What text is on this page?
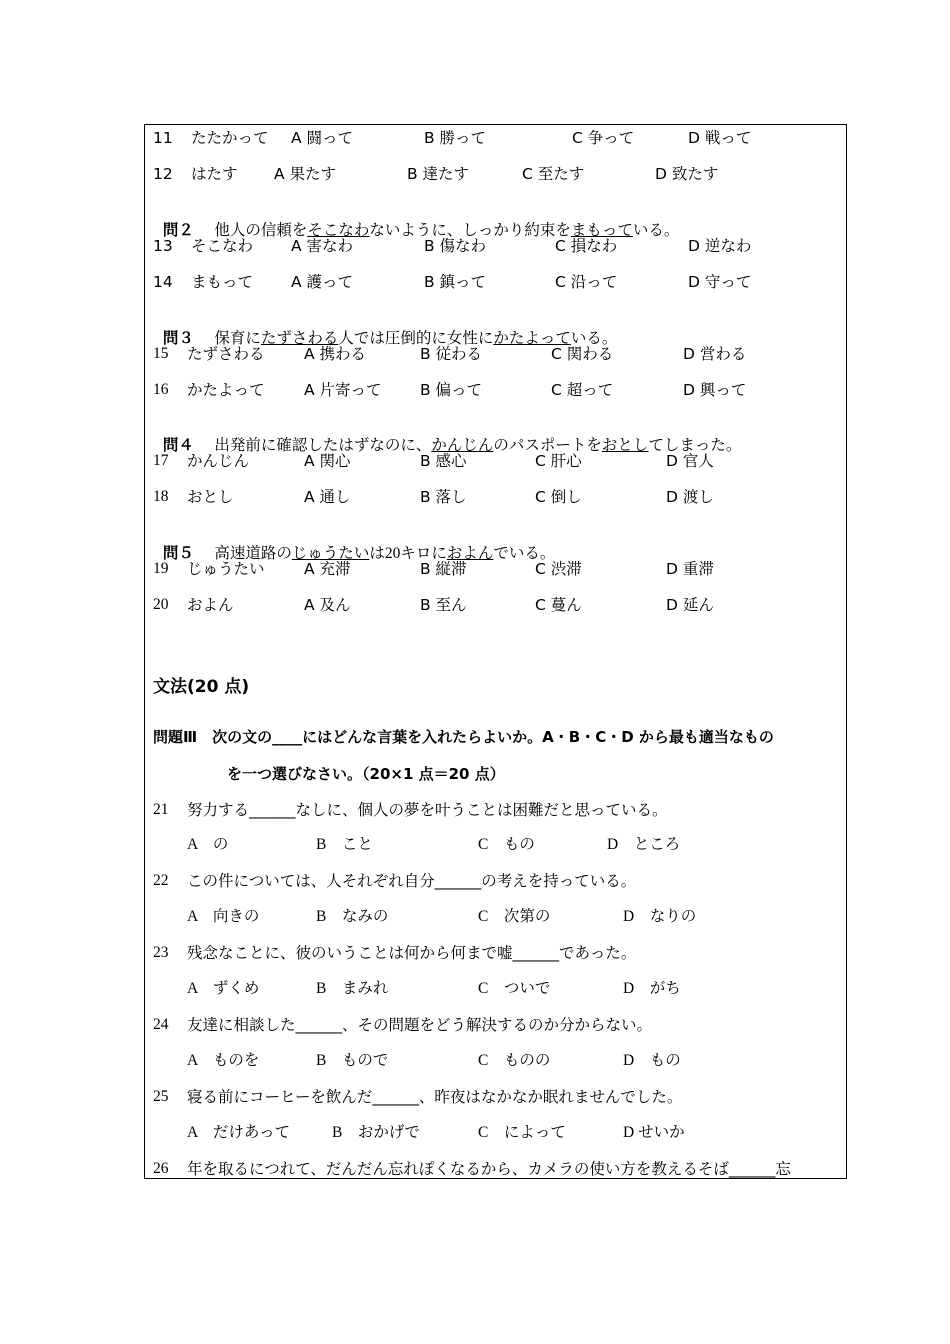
11 たたかって A 闘って	B 勝って	C 争って	D 戦って
12 はたす A 果たす	B 達たす	C 至たす	D 致たす

問２　 他人の信頼をそこなわないように、しっかり約束をまもっている。

13 そこなわ A 害なわ	B 傷なわ	C 損なわ	D 逆なわ
14 まもって A 護って	B 鎮って	C 沿って	D 守って

問３　 保育にたずさわる人では圧倒的に女性にかたよっている。

15 たずさわる	A 携わる	B 従わる	C 関わる	D 営わる
16 かたよって	A 片寄って B 偏って	C 超って	D 興って

問４　 出発前に確認したはずなのに、かんじんのパスポートをおとしてしまった。

17 かんじん	A 関心	B 感心	C 肝心	D 官人
18 おとし	A 通し	B 落し	C 倒し	D 渡し

問５　 高速道路のじゅうたいは20キロにおよんでいる。

19 じゅうたい	A 充滞	B 縦滞	C 渋滞	D 重滞
20 およん	A 及ん	B 至ん	C 蔓ん	D 延ん
文法(20 点)
問題Ⅲ　次の文の____にはどんな言葉を入れたらよいか。A・B・C・D から最も適当なもの
を一つ選びなさい。（20×1 点＝20 点）
21 努力する______なしに、個人の夢を叶うことは困難だと思っている。
A　の	B　こと	C　もの	D　ところ
22 この件については、人それぞれ自分______の考えを持っている。
A　向きの	B　なみの	C　次第の	D　なりの
23 残念なことに、彼のいうことは何から何まで嘘______であった。
A　ずくめ	B　まみれ	C　ついで	D　がち
24 友達に相談した______、その問題をどう解決するのか分からない。
A　ものを	B　もので	C　ものの	D　もの
25 寝る前にコーヒーを飲んだ______、昨夜はなかなか眠れませんでした。
A　だけあって	B　おかげで	C　によって	D せいか
26 年を取るにつれて、だんだん忘れぽくなるから、カメラの使い方を教えるそば______忘
